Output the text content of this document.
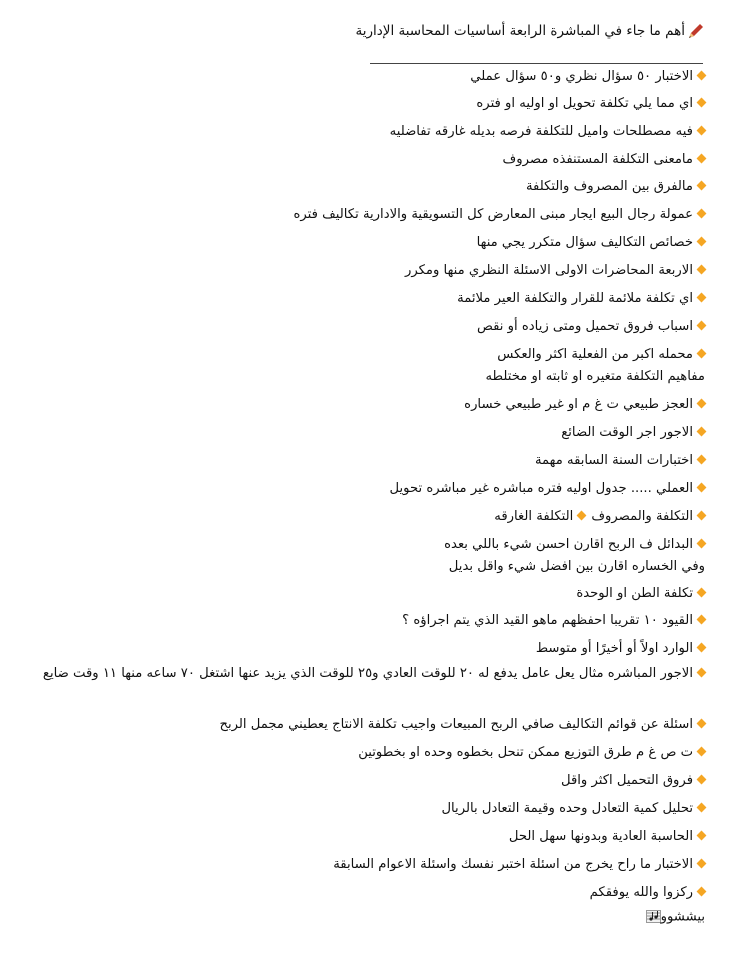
أهم ما جاء في المباشرة الرابعة أساسيات المحاسبة الإدارية
الاختبار ٥٠ سؤال نظري و٥٠ سؤال عملي
اي مما يلي تكلفة تحويل او اوليه او فتره
فيه مصطلحات واميل للتكلفة فرصه بديله غارقه تفاضليه
مامعنى التكلفة المستنفذه مصروف
مالفرق بين المصروف والتكلفة
عمولة رجال البيع ايجار مبنى المعارض كل التسويقية والادارية تكاليف فتره
خصائص التكاليف سؤال متكرر يجي منها
الاربعة المحاضرات الاولى الاسئلة النظري منها ومكرر
اي تكلفة ملائمة للقرار والتكلفة العير ملائمة
اسباب فروق تحميل ومتى زياده أو نقص
محمله اكبر من الفعلية اكثر والعكس
مفاهيم التكلفة متغيره او ثابته او مختلطه
العجز طبيعي ت غ م او غير طبيعي خساره
الاجور اجر الوقت الضائع
اختبارات السنة السابقه مهمة
العملي ..... جدول اوليه فتره مباشره غير مباشره تحويل
التكلفة والمصروفالتكلفة الغارقه
البدائل ف الربح اقارن احسن شيء باللي بعده
وفي الخساره اقارن بين افضل شيء واقل بديل
تكلفة الطن او الوحدة
القيود ١٠ تقريبا احفظهم ماهو القيد الذي يتم اجراؤه ؟
الوارد اولاً أو أخيرًا أو متوسط
الاجور المباشره مثال يعل عامل يدفع له ٢٠ للوقت العادي و٢٥ للوقت الذي يزيد عنها اشتغل ٧٠ ساعه منها ١١ وقت ضايع
اسئلة عن قوائم التكاليف صافي الربح المبيعات واجيب تكلفة الانتاج يعطيني مجمل الربح
ت ص غ م طرق التوزيع ممكن تنحل بخطوه وحده او بخطوتين
فروق التحميل اكثر واقل
تحليل كمية التعادل وحده وقيمة التعادل بالريال
الحاسبة العادية وبدونها سهل الحل
الاختبار ما راح يخرج من اسئلة اختبر نفسك واسئلة الاعوام السابقة
ركزوا والله يوفقكم
بيششوو
